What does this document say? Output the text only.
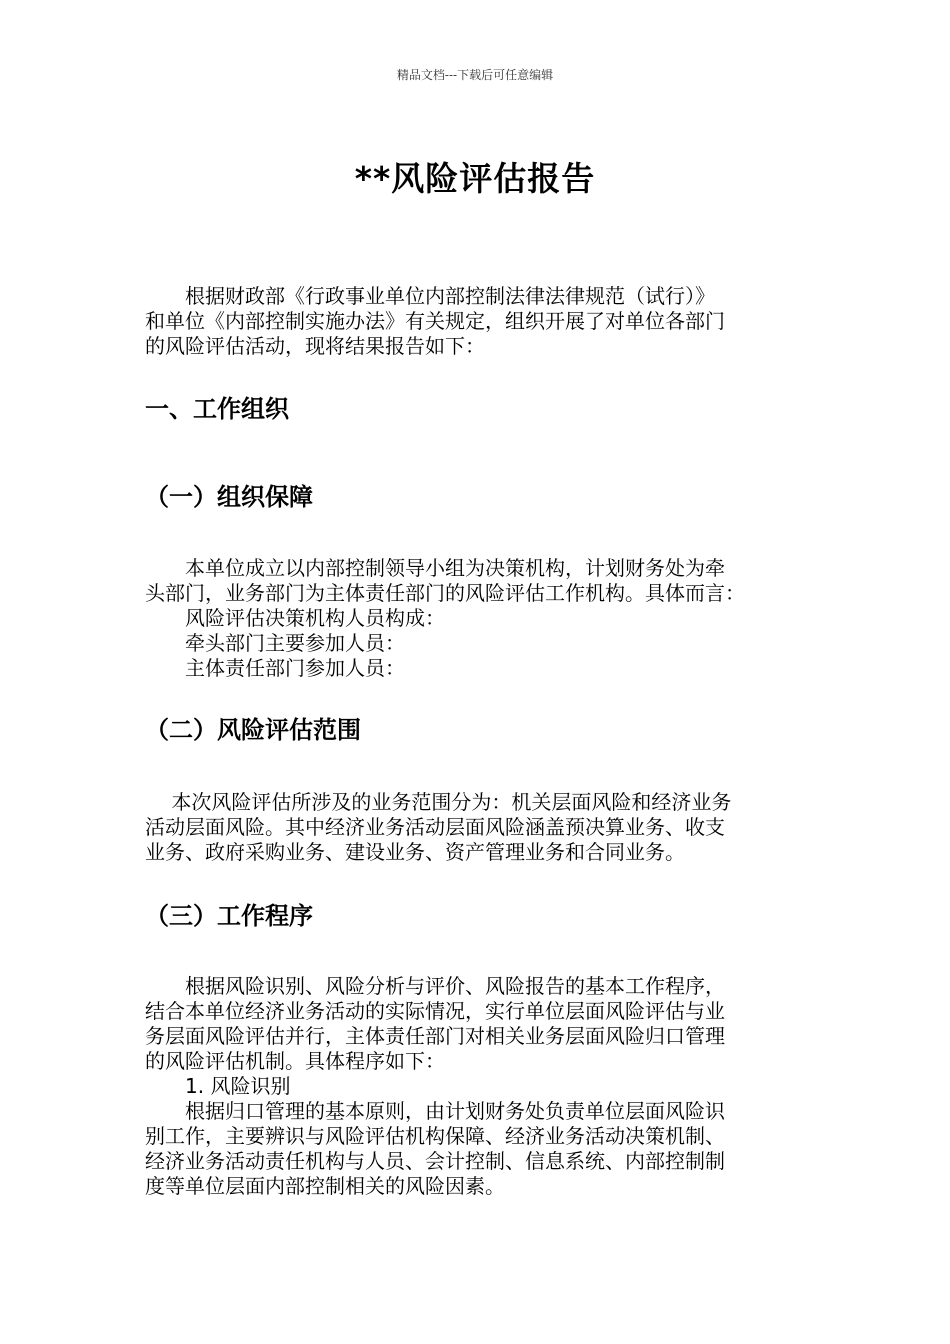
精品文档---下载后可任意编辑
**风险评估报告
　　根据财政部《行政事业单位内部控制法律法律规范（试行）》
和单位《内部控制实施办法》有关规定，组织开展了对单位各部门
的风险评估活动，现将结果报告如下：
一、工作组织
（一）组织保障
　　本单位成立以内部控制领导小组为决策机构，计划财务处为牵
头部门，业务部门为主体责任部门的风险评估工作机构。具体而言：
　　风险评估决策机构人员构成：
　　牵头部门主要参加人员：
　　主体责任部门参加人员：
（二）风险评估范围
　 本次风险评估所涉及的业务范围分为：机关层面风险和经济业务
活动层面风险。其中经济业务活动层面风险涵盖预决算业务、收支
业务、政府采购业务、建设业务、资产管理业务和合同业务。
（三）工作程序
　　根据风险识别、风险分析与评价、风险报告的基本工作程序，
结合本单位经济业务活动的实际情况，实行单位层面风险评估与业
务层面风险评估并行，主体责任部门对相关业务层面风险归口管理
的风险评估机制。具体程序如下：
　　1. 风险识别
　　根据归口管理的基本原则，由计划财务处负责单位层面风险识
别工作，主要辨识与风险评估机构保障、经济业务活动决策机制、
经济业务活动责任机构与人员、会计控制、信息系统、内部控制制
度等单位层面内部控制相关的风险因素。
